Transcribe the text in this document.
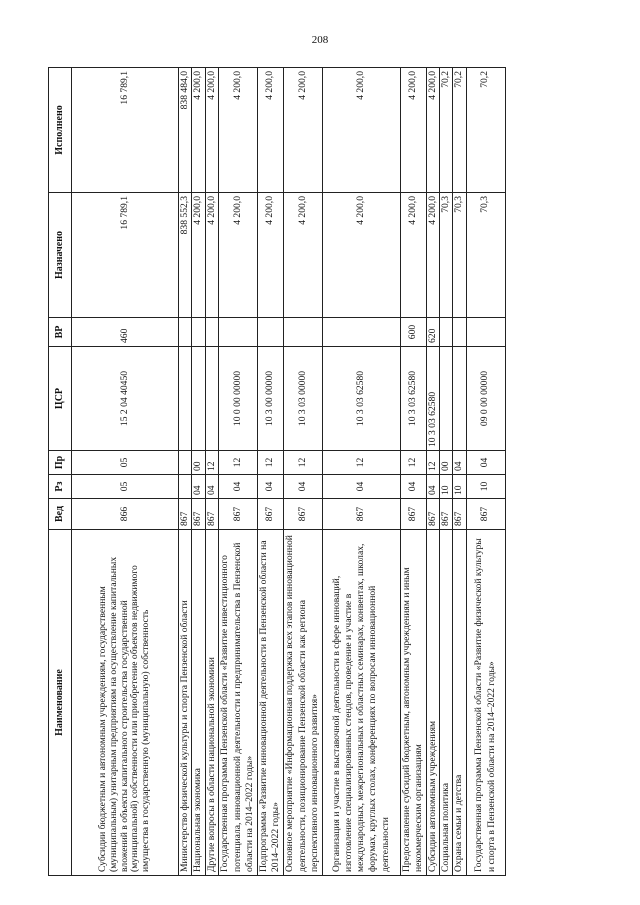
208
Наименование	Вед	Рз	Пр	ЦСР	ВР	Назначено	Исполнено
Субсидии бюджетным и автономным учреждениям, государственным (муниципальным) унитарным предприятиям на осуществление капитальных вложений в объекты капитального строительства государственной (муниципальной) собственности или приобретение объектов недвижимого имущества в государственную (муниципальную) собственность	866	05	05	15 2 04 40450	460	16 789,1	16 789,1
Министерство физической культуры и спорта Пензенской области	867					838 552,3	838 484,0
Национальная экономика	867	04	00			4 200,0	4 200,0
Другие вопросы в области национальной экономики	867	04	12			4 200,0	4 200,0
Государственная программа Пензенской области «Развитие инвестиционного потенциала, инновационной деятельности и предпринимательства в Пензенской области на 2014–2022 годы»	867	04	12	10 0 00 00000		4 200,0	4 200,0
Подпрограмма «Развитие инновационной деятельности в Пензенской области на 2014–2022 годы»	867	04	12	10 3 00 00000		4 200,0	4 200,0
Основное мероприятие «Информационная поддержка всех этапов инновационной деятельности, позиционирование Пензенской области как региона перспективного инновационного развития»	867	04	12	10 3 03 00000		4 200,0	4 200,0
Организация и участие в выставочной деятельности в сфере инноваций, изготовление специализированных стендов, проведение и участие в международных, межрегиональных и областных семинарах, конвентах, школах, форумах, круглых столах, конференциях по вопросам инновационной деятельности	867	04	12	10 3 03 62580		4 200,0	4 200,0
Предоставление субсидий бюджетным, автономным учреждениям и иным некоммерческим организациям	867	04	12	10 3 03 62580	600	4 200,0	4 200,0
Субсидии автономным учреждениям	867	04	12	10 3 03 62580	620	4 200,0	4 200,0
Социальная политика	867	10	00			70,3	70,2
Охрана семьи и детства	867	10	04			70,3	70,2
Государственная программа Пензенской области «Развитие физической культуры и спорта в Пензенской области на 2014–2022 годы»	867	10	04	09 0 00 00000		70,3	70,2
